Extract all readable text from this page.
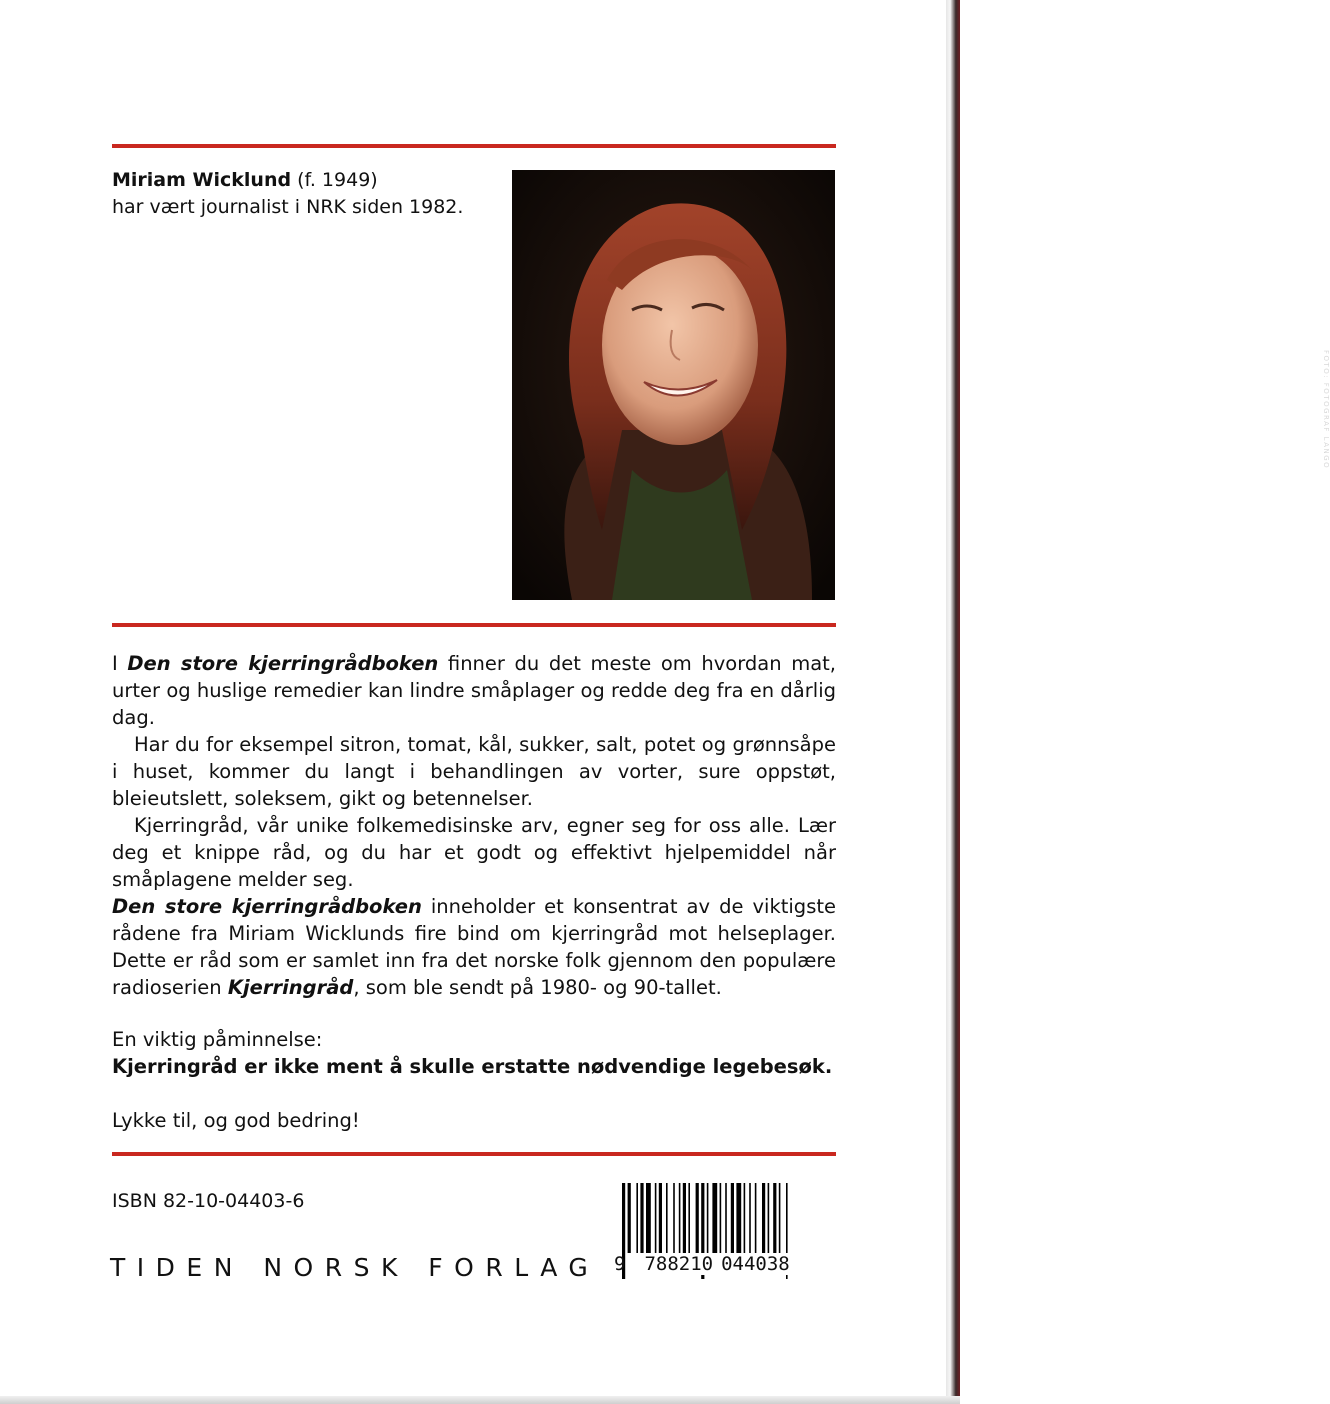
Miriam Wicklund (f. 1949)
har vært journalist i NRK siden 1982.
FOTO: FOTOGRAF LANGO

I Den store kjerringrådboken finner du det meste om hvordan mat, urter og huslige remedier kan lindre småplager og redde deg fra en dårlig dag.

Har du for eksempel sitron, tomat, kål, sukker, salt, potet og grønnsåpe i huset, kommer du langt i behandlingen av vorter, sure oppstøt, bleieutslett, soleksem, gikt og betennelser.

Kjerringråd, vår unike folkemedisinske arv, egner seg for oss alle. Lær deg et knippe råd, og du har et godt og effektivt hjelpemiddel når småplagene melder seg.

Den store kjerringrådboken inneholder et konsentrat av de viktigste rådene fra Miriam Wicklunds fire bind om kjerringråd mot helseplager. Dette er råd som er samlet inn fra det norske folk gjennom den populære radioserien Kjerringråd, som ble sendt på 1980- og 90-tallet.

En viktig påminnelse:

Kjerringråd er ikke ment å skulle erstatte nødvendige legebesøk.

Lykke til, og god bedring!

ISBN 82-10-04403-6
TIDEN NORSK FORLAG 9 788210 044038
